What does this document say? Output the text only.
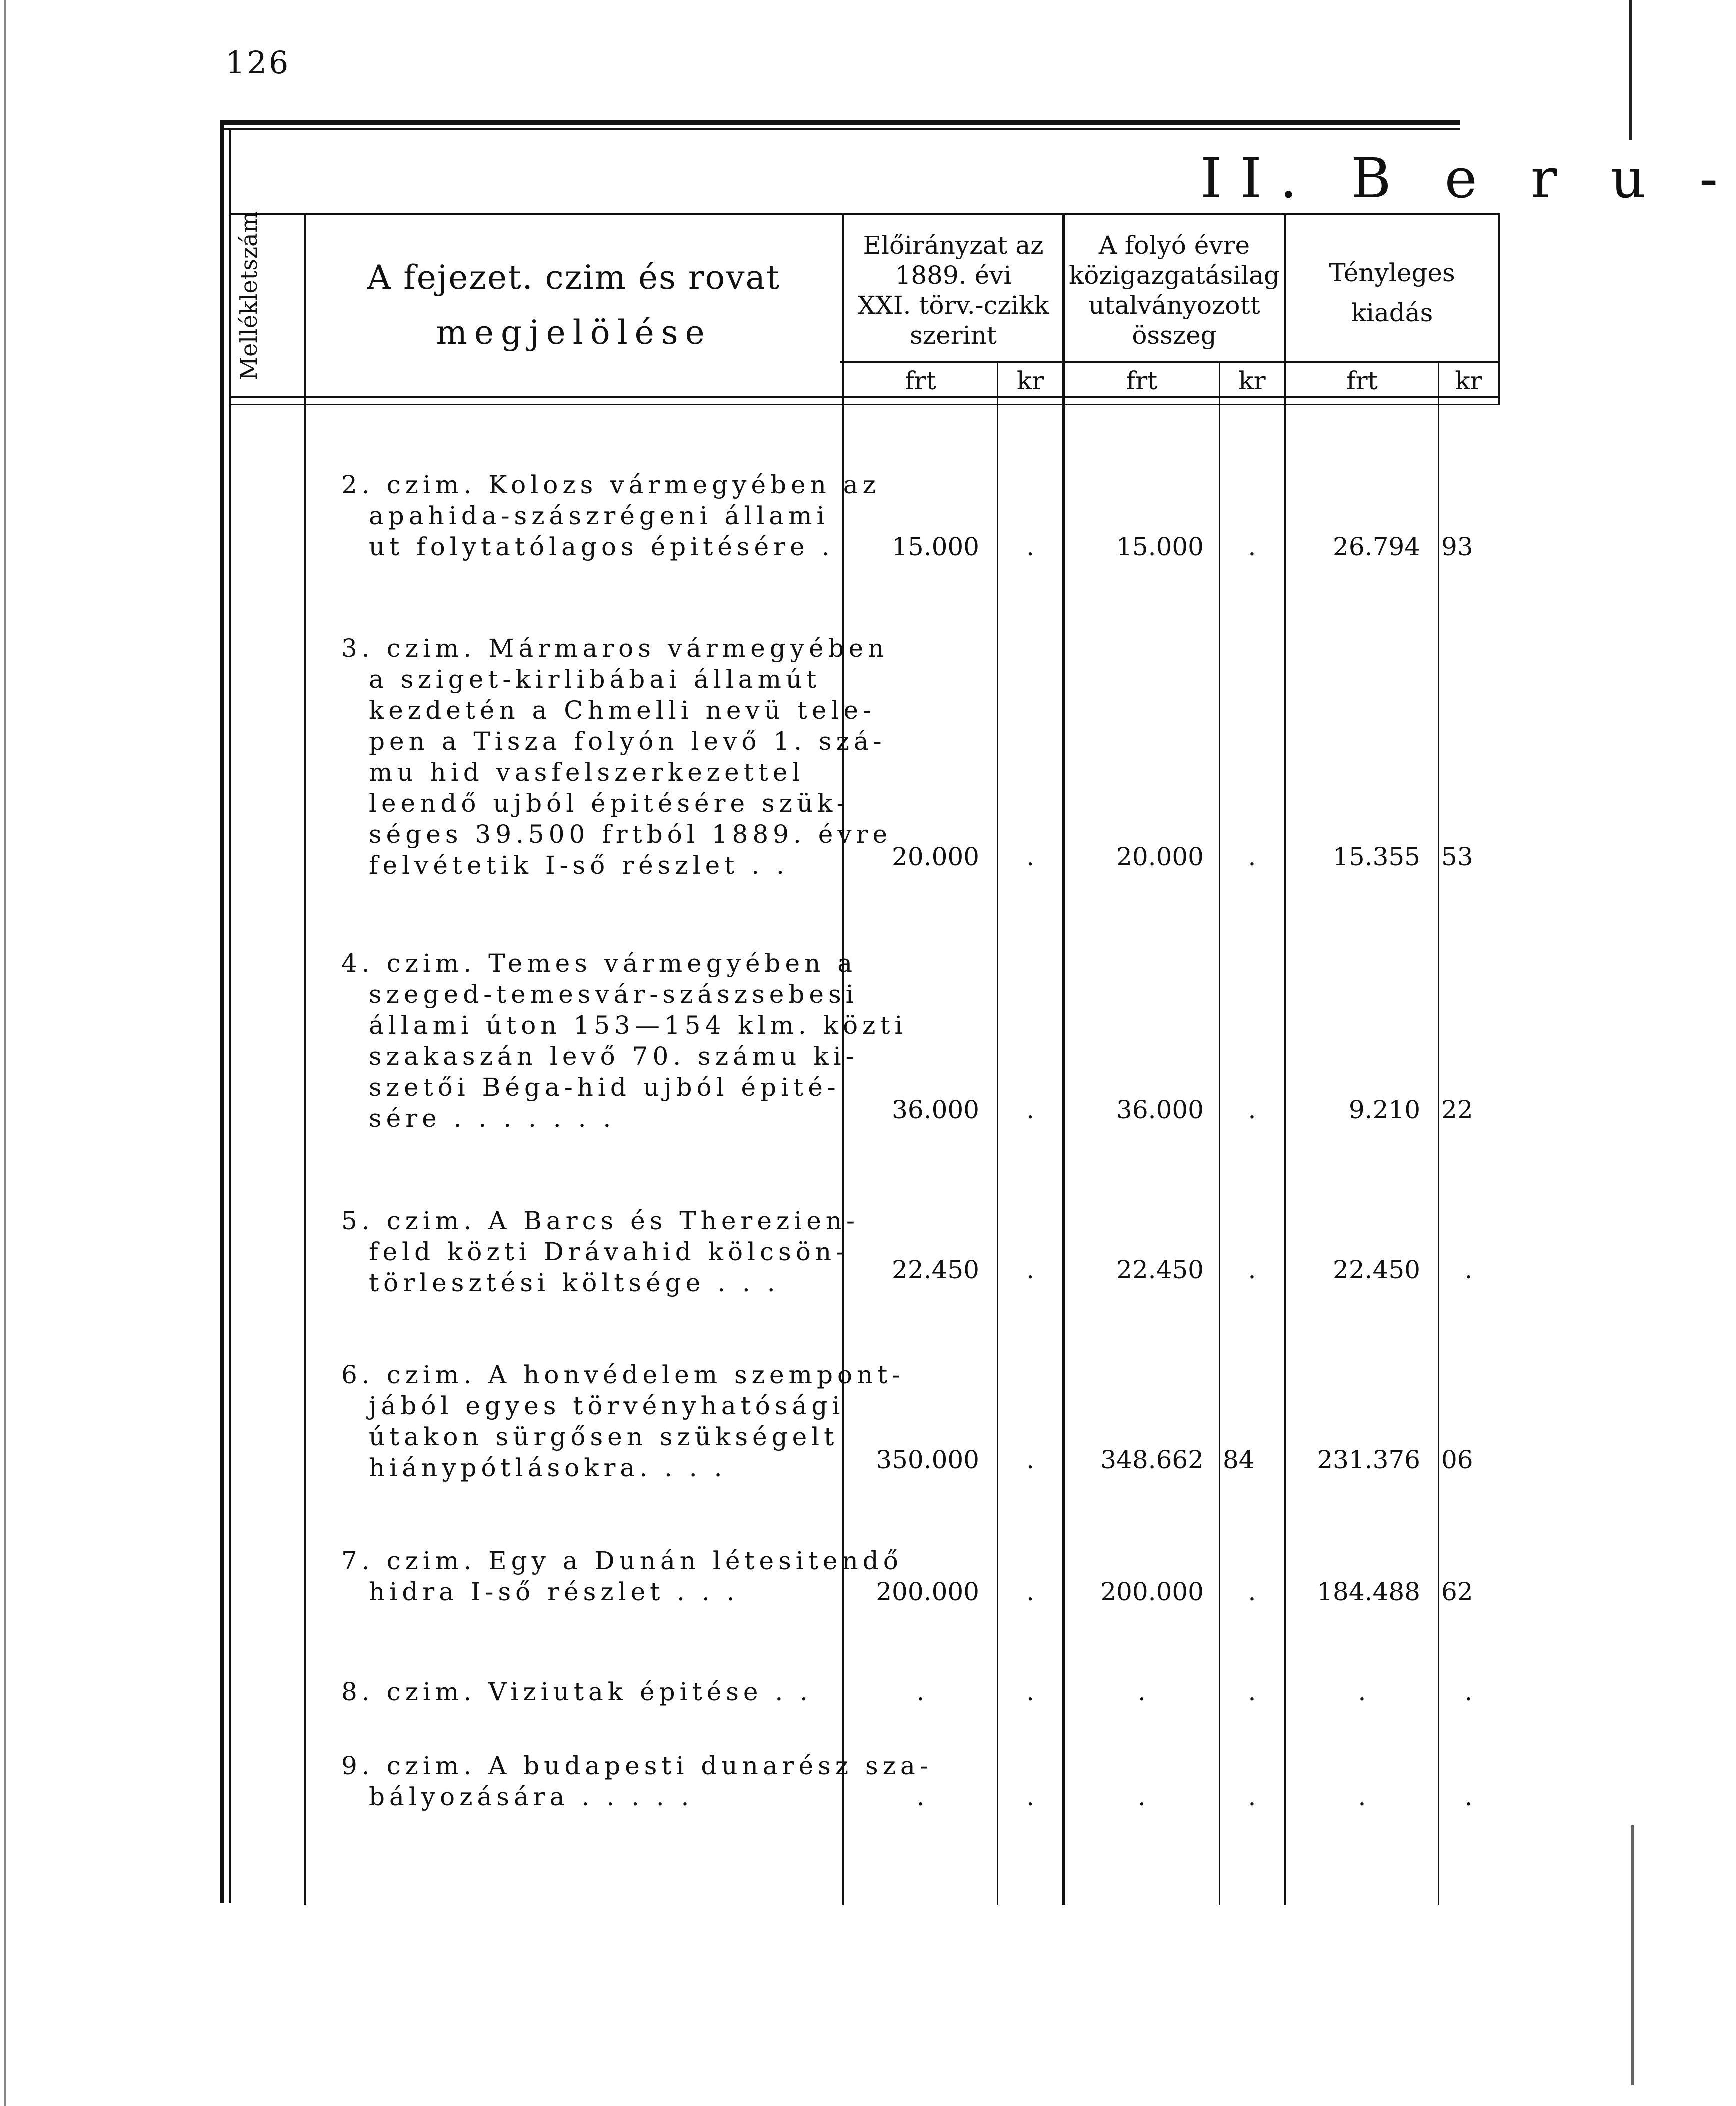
126
II. B e r u -
Mellékletszám	A fejezet. czim és rovat
megjelölése
Előirányzat az
1889. évi
XXI. törv.-czikk
szerint
A folyó évre
közigazgatásilag
utalványozott
összeg
Tényleges
kiadás
frt	kr	frt	kr	frt	kr
2. czim. Kolozs vármegyében az
apahida-szászrégeni állami
ut folytatólagos épitésére .	15.000	.	15.000	.	26.794 93
3. czim. Mármaros vármegyében
a sziget-kirlibábai államút
kezdetén a Chmelli nevü tele-
pen a Tisza folyón levő 1. szá-
mu hid vasfelszerkezettel
leendő ujból épitésére szük-
séges 39.500 frtból 1889. évre
felvétetik I-ső részlet . .	20.000	.	20.000	.	15.355 53
4. czim. Temes vármegyében a
szeged-temesvár-szászsebesi
állami úton 153—154 klm. közti
szakaszán levő 70. számu ki-
szetői Béga-hid ujból épité-
sére . . . . . . .	36.000	.	36.000	.	9.210 22
5. czim. A Barcs és Therezien-
feld közti Drávahid kölcsön-
törlesztési költsége . . .	22.450	.	22.450	.	22.450	.
6. czim. A honvédelem szempont-
jából egyes törvényhatósági
útakon sürgősen szükségelt
hiánypótlásokra. . . .	350.000	.	348.662 84	231.376 06
7. czim. Egy a Dunán létesitendő
hidra I-ső részlet . . .	200.000	.	200.000	.	184.488 62
8. czim. Viziutak épitése . .	.	.	.	.	.	.
9. czim. A budapesti dunarész sza-
bályozására . . . . .	.	.	.	.	.	.
